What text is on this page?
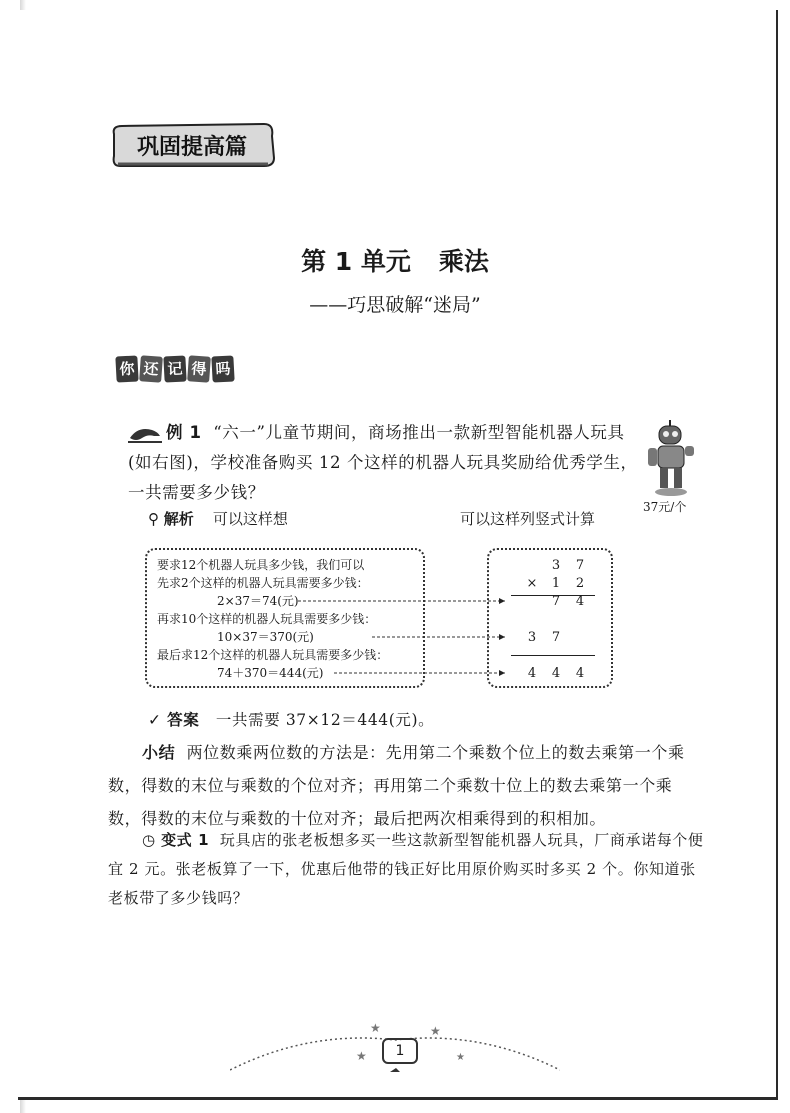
巩固提高篇
第 1 单元 乘法
——巧思破解“迷局”
你 还 记 得 吗
例 1 “六一”儿童节期间，商场推出一款新型智能机器人玩具(如右图)，学校准备购买 12 个这样的机器人玩具奖励给优秀学生，一共需要多少钱？
37元/个
⚲ 解析 可以这样想	可以这样列竖式计算
要求12个机器人玩具多少钱，我们可以
先求2个这样的机器人玩具需要多少钱：
2×37＝74(元)
再求10个这样的机器人玩具需要多少钱：
10×37＝370(元)
最后求12个这样的机器人玩具需要多少钱：
74＋370＝444(元)
3 7
× 1 2
7 4
3 7
4 4 4
✓ 答案 一共需要 37×12＝444(元)。
小结 两位数乘两位数的方法是：先用第二个乘数个位上的数去乘第一个乘数，得数的末位与乘数的个位对齐；再用第二个乘数十位上的数去乘第一个乘数，得数的末位与乘数的十位对齐；最后把两次相乘得到的积相加。
◷ 变式 1 玩具店的张老板想多买一些这款新型智能机器人玩具，厂商承诺每个便宜 2 元。张老板算了一下，优惠后他带的钱正好比用原价购买时多买 2 个。你知道张老板带了多少钱吗？
★	★
★	★
1
